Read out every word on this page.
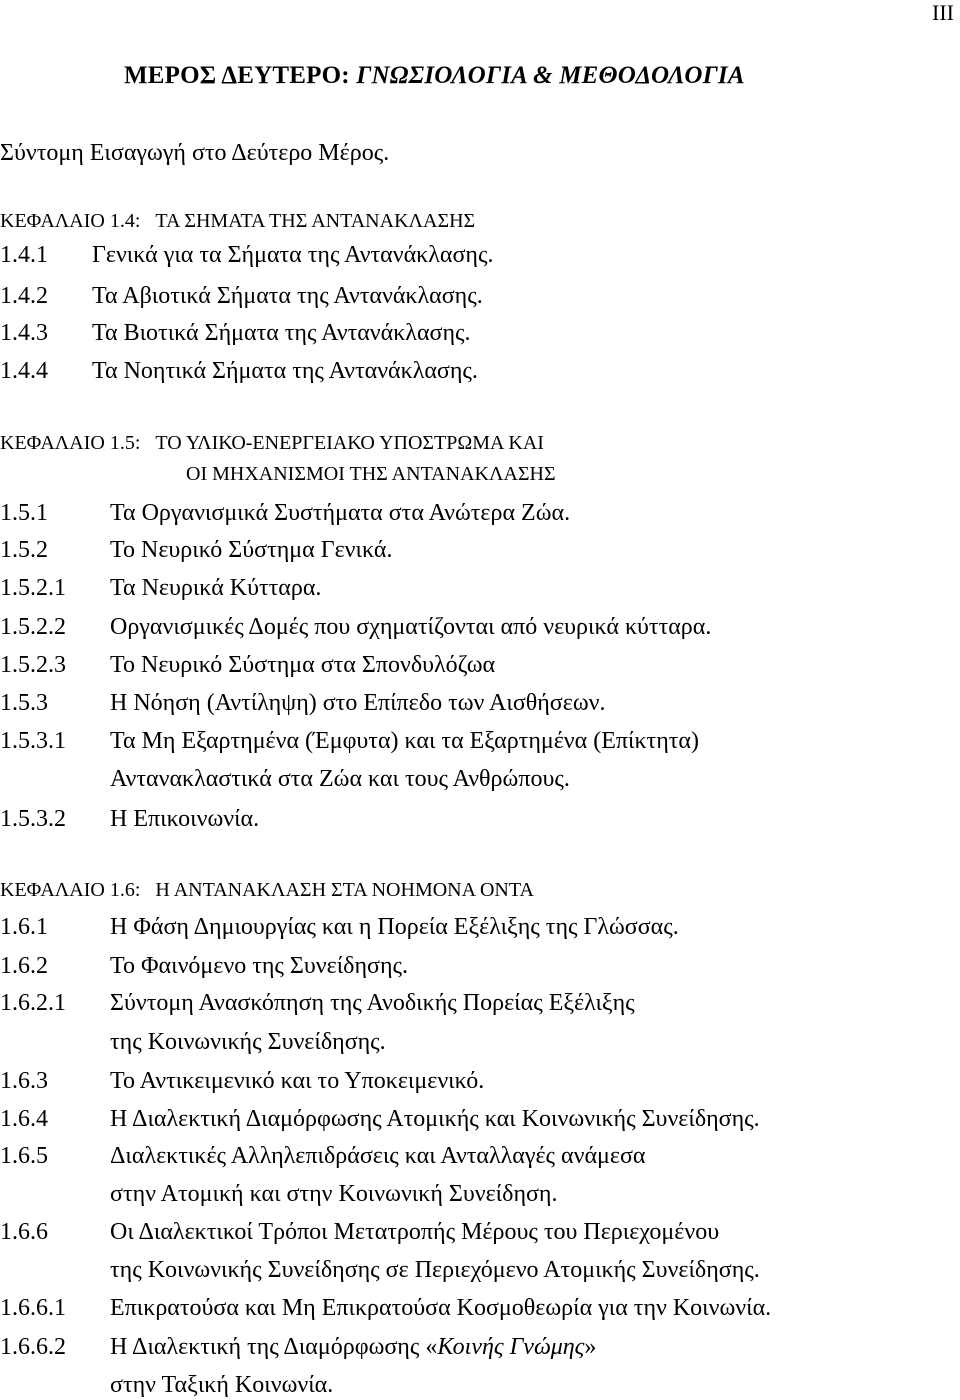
III
ΜΕΡΟΣ ΔΕΥΤΕΡΟ: ΓΝΩΣΙΟΛΟΓΙΑ & ΜΕΘΟΔΟΛΟΓΙΑ
Σύντομη Εισαγωγή στο Δεύτερο Μέρος.
ΚΕΦΑΛΑΙΟ 1.4: ΤΑ ΣΗΜΑΤΑ ΤΗΣ ΑΝΤΑΝΑΚΛΑΣΗΣ
1.4.1 Γενικά για τα Σήματα της Αντανάκλασης.
1.4.2 Τα Αβιοτικά Σήματα της Αντανάκλασης.
1.4.3 Τα Βιοτικά Σήματα της Αντανάκλασης.
1.4.4 Τα Νοητικά Σήματα της Αντανάκλασης.
ΚΕΦΑΛΑΙΟ 1.5: ΤΟ ΥΛΙΚΟ-ΕΝΕΡΓΕΙΑΚΟ ΥΠΟΣΤΡΩΜΑ ΚΑΙ
ΟΙ ΜΗΧΑΝΙΣΜΟΙ ΤΗΣ ΑΝΤΑΝΑΚΛΑΣΗΣ
1.5.1	Τα Οργανισμικά Συστήματα στα Ανώτερα Ζώα.
1.5.2	Το Νευρικό Σύστημα Γενικά.
1.5.2.1 Τα Νευρικά Κύτταρα.
1.5.2.2 Οργανισμικές Δομές που σχηματίζονται από νευρικά κύτταρα.
1.5.2.3 Το Νευρικό Σύστημα στα Σπονδυλόζωα
1.5.3	Η Νόηση (Αντίληψη) στο Επίπεδο των Αισθήσεων.
1.5.3.1 Τα Μη Εξαρτημένα (Έμφυτα) και τα Εξαρτημένα (Επίκτητα)
Αντανακλαστικά στα Ζώα και τους Ανθρώπους.
1.5.3.2 Η Επικοινωνία.
ΚΕΦΑΛΑΙΟ 1.6: Η ΑΝΤΑΝΑΚΛΑΣΗ ΣΤΑ ΝΟΗΜΟΝΑ ΟΝΤΑ
1.6.1	Η Φάση Δημιουργίας και η Πορεία Εξέλιξης της Γλώσσας.
1.6.2	Το Φαινόμενο της Συνείδησης.
1.6.2.1 Σύντομη Ανασκόπηση της Ανοδικής Πορείας Εξέλιξης
της Κοινωνικής Συνείδησης.
1.6.3	Το Αντικειμενικό και το Υποκειμενικό.
1.6.4	Η Διαλεκτική Διαμόρφωσης Ατομικής και Κοινωνικής Συνείδησης.
1.6.5	Διαλεκτικές Αλληλεπιδράσεις και Ανταλλαγές ανάμεσα
στην Ατομική και στην Κοινωνική Συνείδηση.
1.6.6	Οι Διαλεκτικοί Τρόποι Μετατροπής Μέρους του Περιεχομένου
της Κοινωνικής Συνείδησης σε Περιεχόμενο Ατομικής Συνείδησης.
1.6.6.1 Επικρατούσα και Μη Επικρατούσα Κοσμοθεωρία για την Κοινωνία.
1.6.6.2 Η Διαλεκτική της Διαμόρφωσης «Κοινής Γνώμης»
στην Ταξική Κοινωνία.
